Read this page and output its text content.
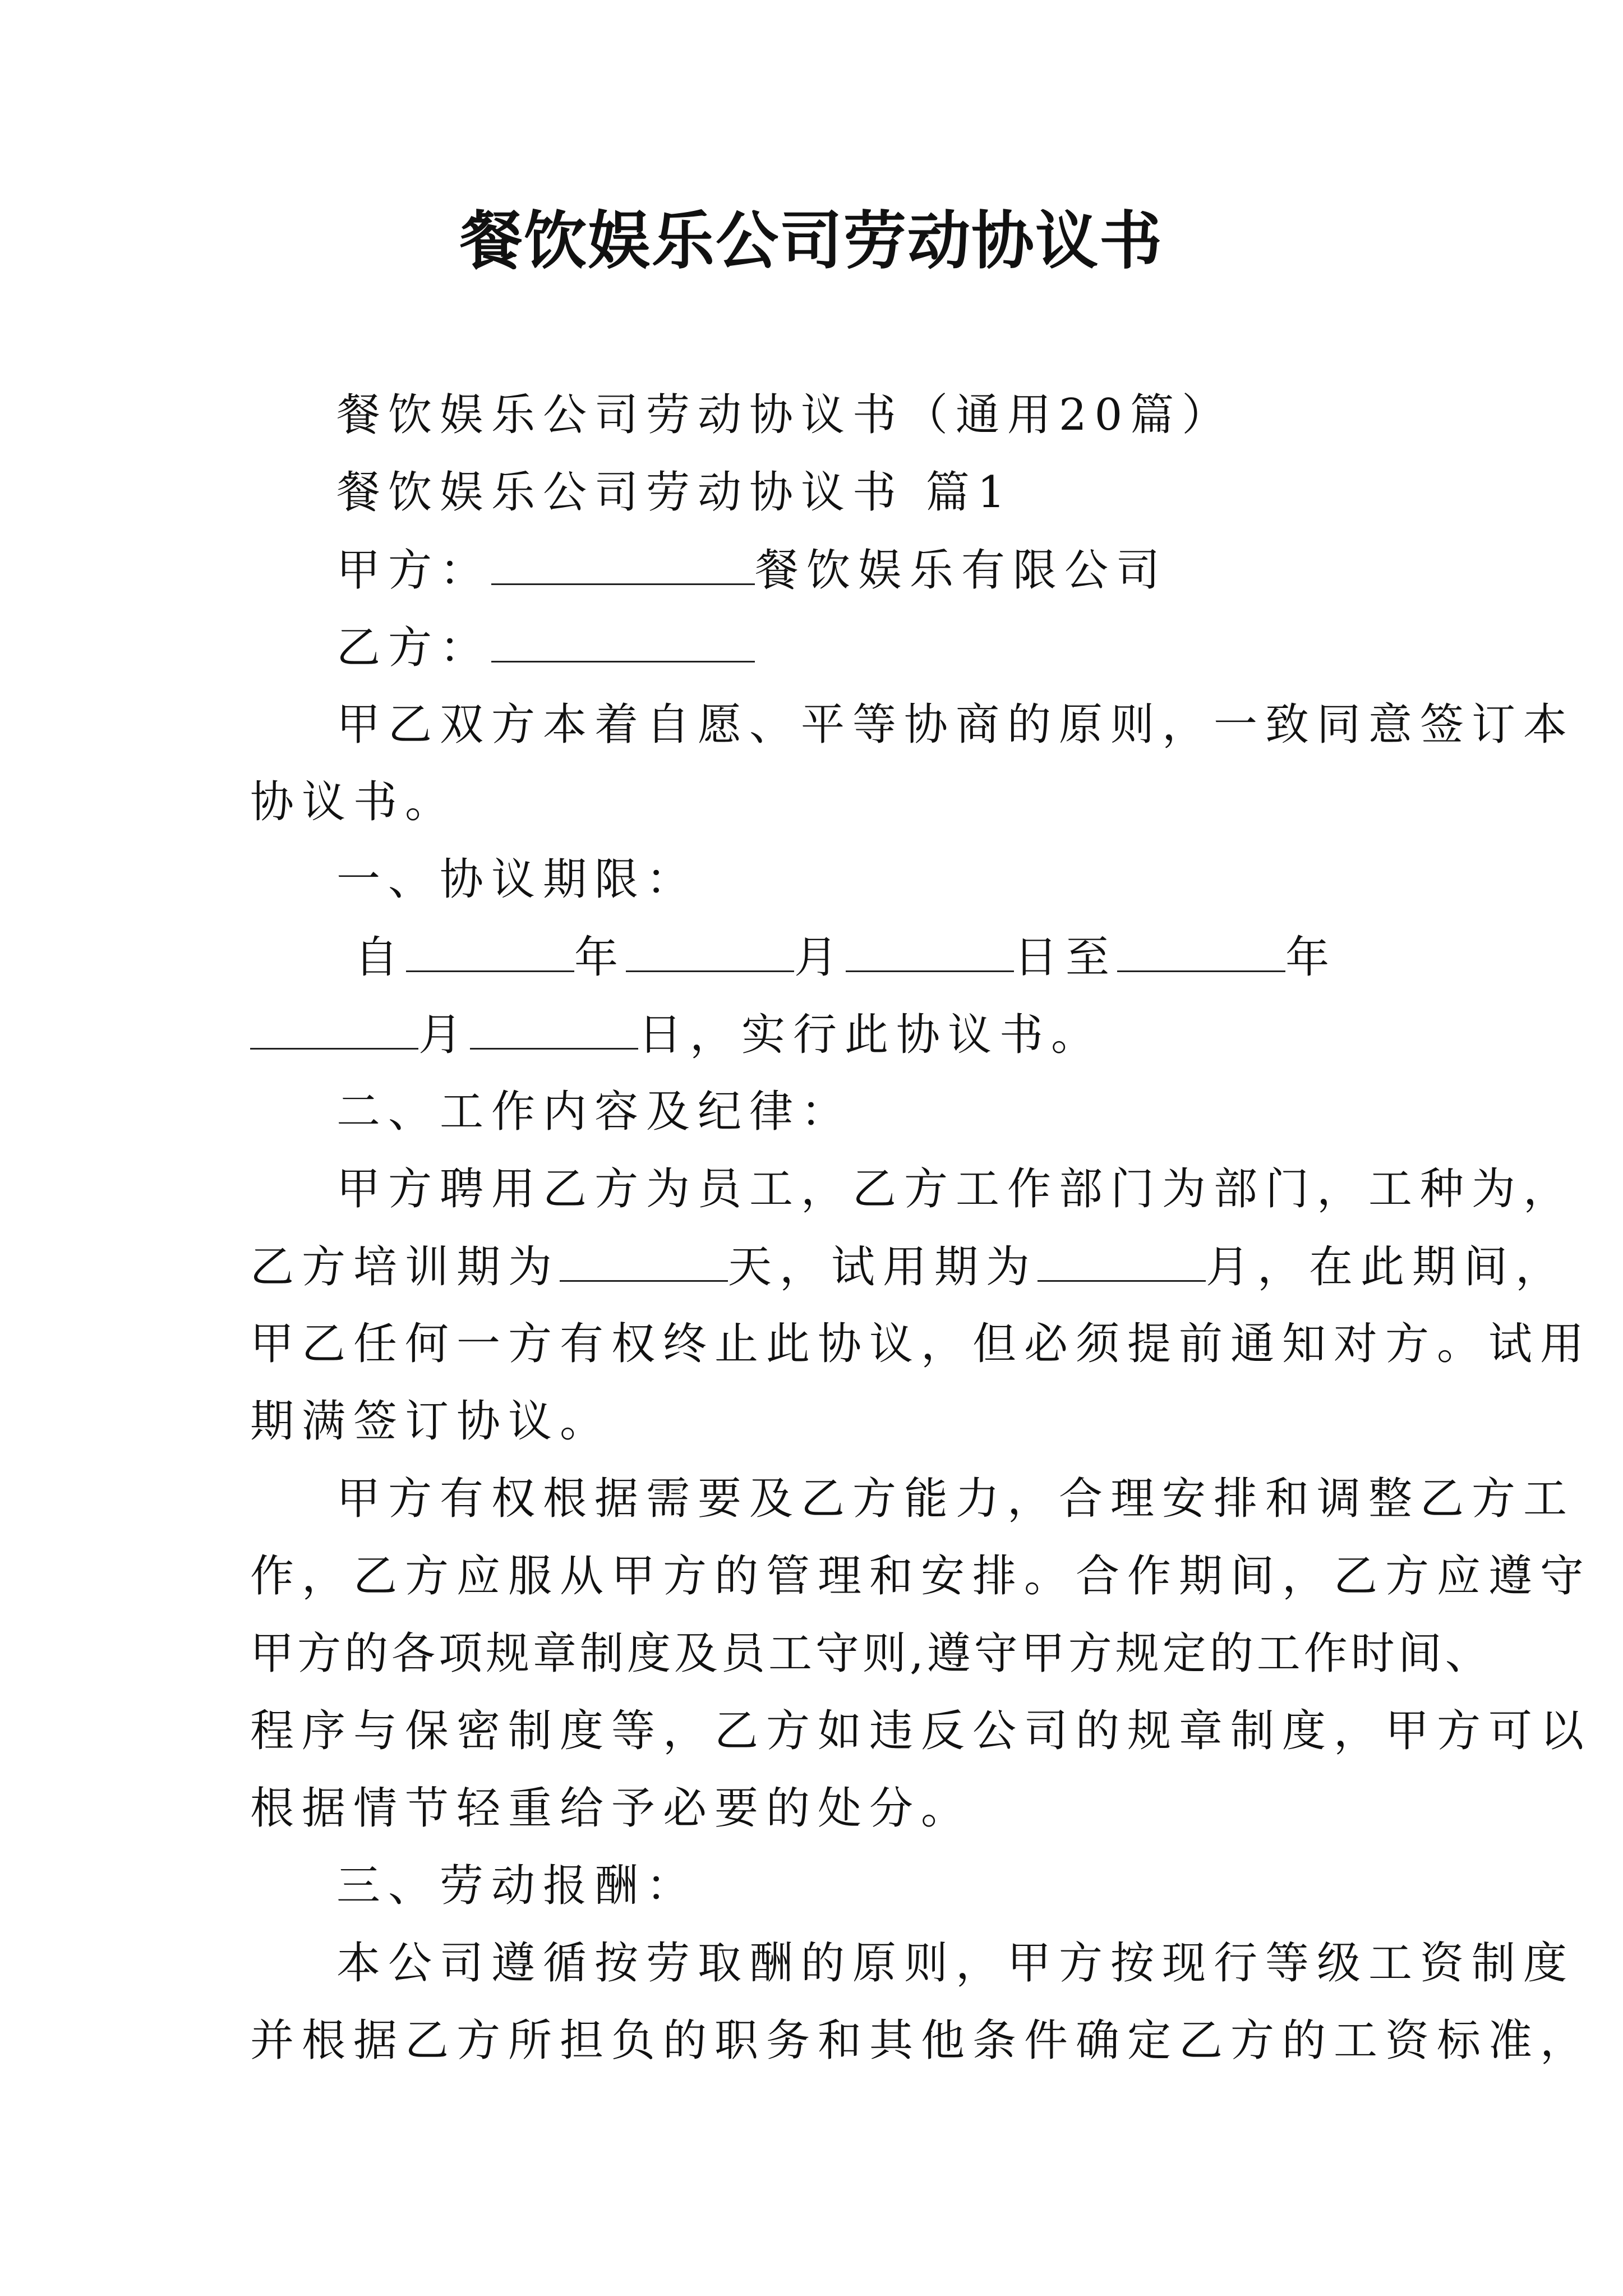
餐饮娱乐公司劳动协议书
餐饮娱乐公司劳动协议书（通用20篇）
餐饮娱乐公司劳动协议书 篇1
甲方：	餐饮娱乐有限公司
乙方：
甲乙双方本着自愿、平等协商的原则，一致同意签订本
协议书。
一、协议期限：
自	年	月	日至	年
月	日，实行此协议书。
二、工作内容及纪律：
甲方聘用乙方为员工，乙方工作部门为部门，工种为，
乙方培训期为	天，试用期为	月，在此期间，
甲乙任何一方有权终止此协议，但必须提前通知对方。试用
期满签订协议。
甲方有权根据需要及乙方能力，合理安排和调整乙方工
作，乙方应服从甲方的管理和安排。合作期间，乙方应遵守
甲方的各项规章制度及员工守则,遵守甲方规定的工作时间、
程序与保密制度等，乙方如违反公司的规章制度，甲方可以
根据情节轻重给予必要的处分。
三、劳动报酬：
本公司遵循按劳取酬的原则，甲方按现行等级工资制度
并根据乙方所担负的职务和其他条件确定乙方的工资标准，
